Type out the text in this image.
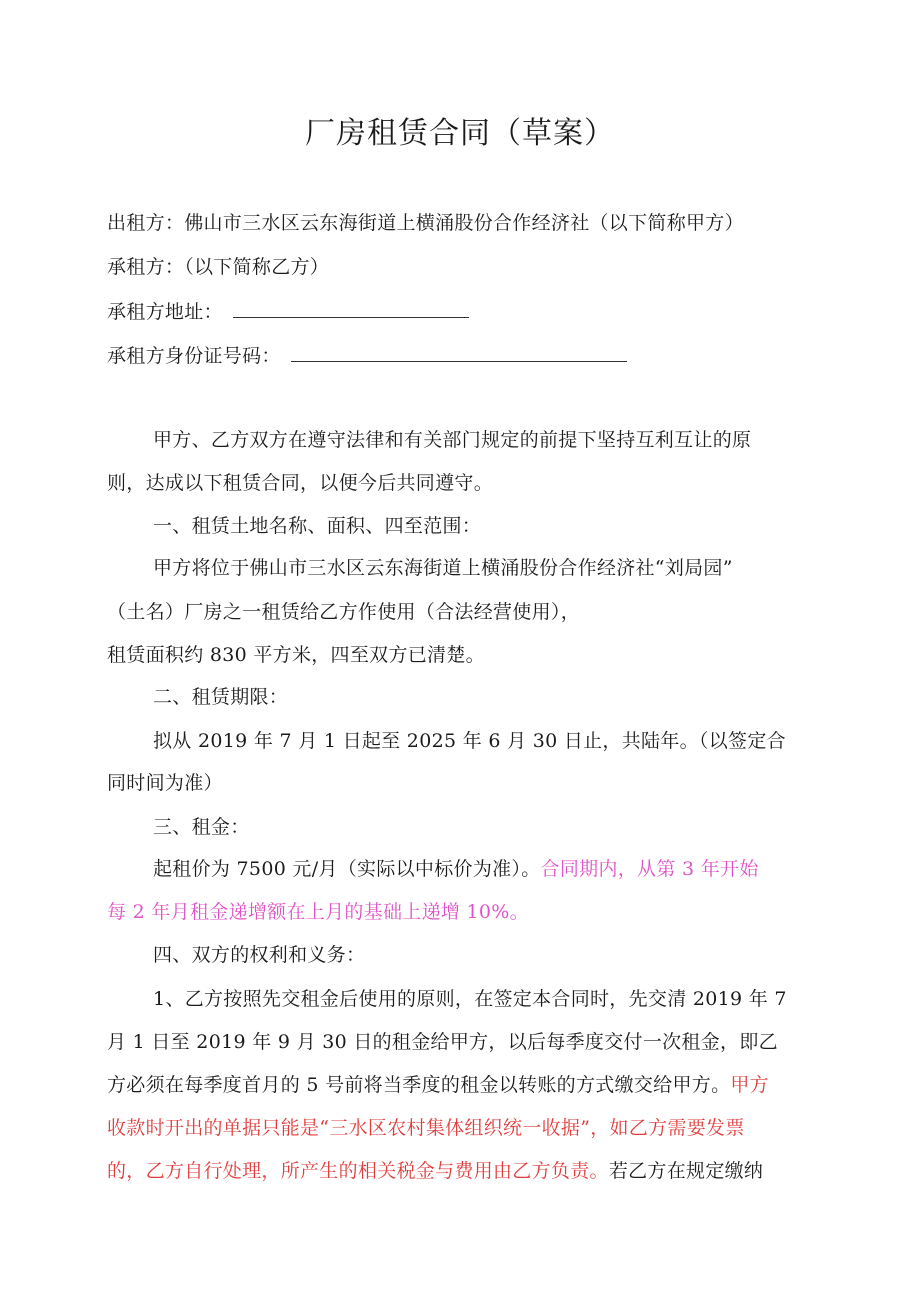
厂房租赁合同（草案）
出租方：佛山市三水区云东海街道上横涌股份合作经济社（以下简称甲方）
承租方：（以下简称乙方）
承租方地址：
承租方身份证号码：
甲方、乙方双方在遵守法律和有关部门规定的前提下坚持互利互让的原
则，达成以下租赁合同，以便今后共同遵守。
一、租赁土地名称、面积、四至范围：
甲方将位于佛山市三水区云东海街道上横涌股份合作经济社“刘局园”
（土名）厂房之一租赁给乙方作使用（合法经营使用），
租赁面积约 830 平方米，四至双方已清楚。
二、租赁期限：
拟从 2019 年 7 月 1 日起至 2025 年 6 月 30 日止，共陆年。（以签定合
同时间为准）
三、租金：
起租价为 7500 元/月（实际以中标价为准）。合同期内，从第 3 年开始
每 2 年月租金递增额在上月的基础上递增 10%。
四、双方的权利和义务：
1、乙方按照先交租金后使用的原则，在签定本合同时，先交清 2019 年 7
月 1 日至 2019 年 9 月 30 日的租金给甲方，以后每季度交付一次租金，即乙
方必须在每季度首月的 5 号前将当季度的租金以转账的方式缴交给甲方。甲方
收款时开出的单据只能是“三水区农村集体组织统一收据”，如乙方需要发票
的，乙方自行处理，所产生的相关税金与费用由乙方负责。若乙方在规定缴纳
